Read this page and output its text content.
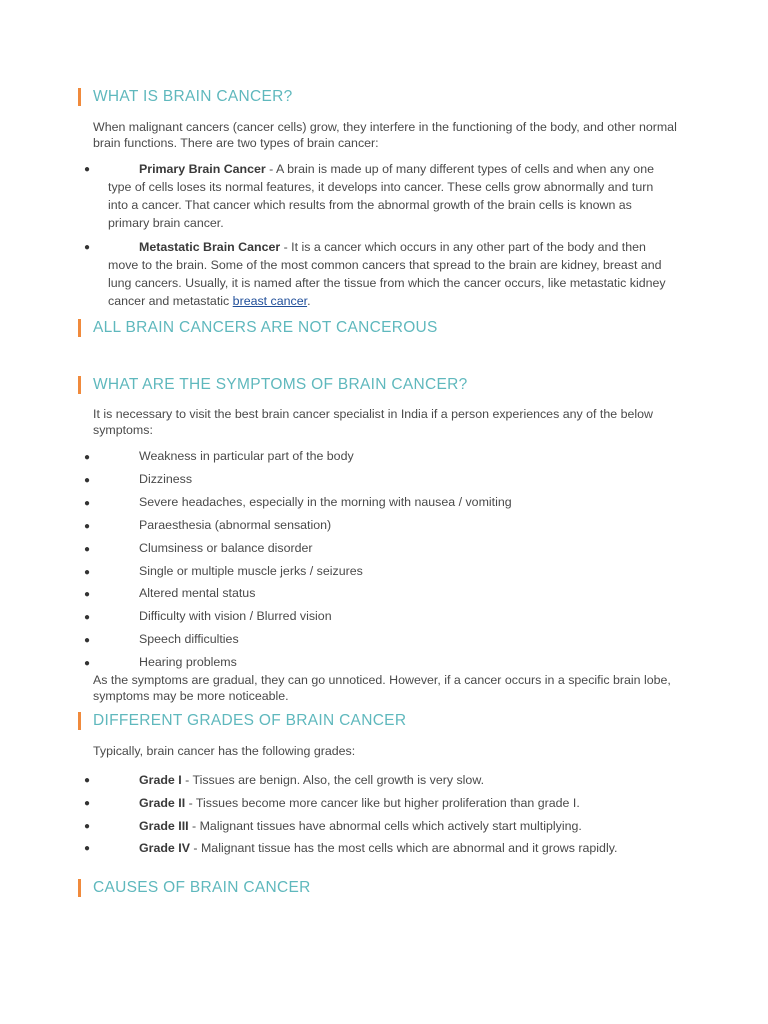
WHAT IS BRAIN CANCER?
When malignant cancers (cancer cells) grow, they interfere in the functioning of the body, and other normal brain functions. There are two types of brain cancer:
●	Primary Brain Cancer - A brain is made up of many different types of cells and when any one type of cells loses its normal features, it develops into cancer. These cells grow abnormally and turn into a cancer. That cancer which results from the abnormal growth of the brain cells is known as primary brain cancer.
●	Metastatic Brain Cancer - It is a cancer which occurs in any other part of the body and then move to the brain. Some of the most common cancers that spread to the brain are kidney, breast and lung cancers. Usually, it is named after the tissue from which the cancer occurs, like metastatic kidney cancer and metastatic breast cancer.
ALL BRAIN CANCERS ARE NOT CANCEROUS
WHAT ARE THE SYMPTOMS OF BRAIN CANCER?
It is necessary to visit the best brain cancer specialist in India if a person experiences any of the below symptoms:
●	Weakness in particular part of the body
●	Dizziness
●	Severe headaches, especially in the morning with nausea / vomiting
●	Paraesthesia (abnormal sensation)
●	Clumsiness or balance disorder
●	Single or multiple muscle jerks / seizures
●	Altered mental status
●	Difficulty with vision / Blurred vision
●	Speech difficulties
●	Hearing problems
As the symptoms are gradual, they can go unnoticed. However, if a cancer occurs in a specific brain lobe, symptoms may be more noticeable.
DIFFERENT GRADES OF BRAIN CANCER
Typically, brain cancer has the following grades:
●	Grade I - Tissues are benign. Also, the cell growth is very slow.
●	Grade II - Tissues become more cancer like but higher proliferation than grade I.
●	Grade III - Malignant tissues have abnormal cells which actively start multiplying.
●	Grade IV - Malignant tissue has the most cells which are abnormal and it grows rapidly.
CAUSES OF BRAIN CANCER
